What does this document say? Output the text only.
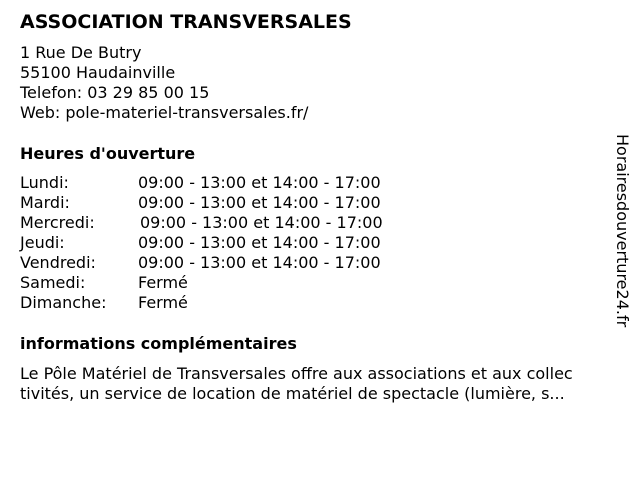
ASSOCIATION TRANSVERSALES
1 Rue De Butry
55100 Haudainville
Telefon: 03 29 85 00 15
Web: pole-materiel-transversales.fr/
Heures d'ouverture
Lundi:	09:00 - 13:00 et 14:00 - 17:00
Mardi:	09:00 - 13:00 et 14:00 - 17:00
Mercredi:	09:00 - 13:00 et 14:00 - 17:00
Jeudi:	09:00 - 13:00 et 14:00 - 17:00
Vendredi:	09:00 - 13:00 et 14:00 - 17:00
Samedi:	Fermé
Dimanche: Fermé
informations complémentaires
Le Pôle Matériel de Transversales offre aux associations et aux collec
tivités, un service de location de matériel de spectacle (lumière, s...
Horairesdouverture24.fr
